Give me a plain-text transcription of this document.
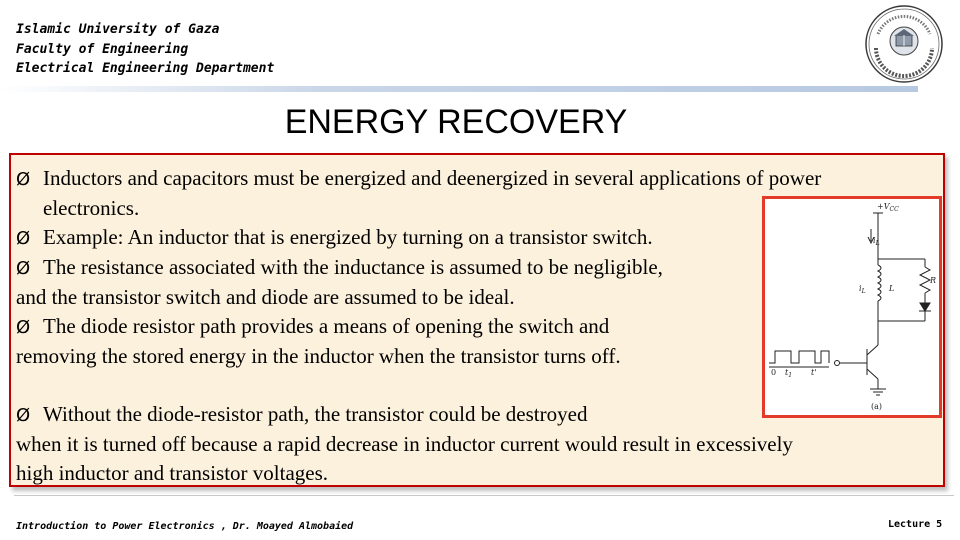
Islamic University of Gaza
Faculty of Engineering
Electrical Engineering Department
ENERGY RECOVERY
Ø Inductors and capacitors must be energized and deenergized in several applications of power
electronics.
Ø Example: An inductor that is energized by turning on a transistor switch.
Ø The resistance associated with the inductance is assumed to be negligible,
and the transistor switch and diode are assumed to be ideal.
Ø The diode resistor path provides a means of opening the switch and
removing the stored energy in the inductor when the transistor turns off.
Ø Without the diode-resistor path, the transistor could be destroyed
when it is turned off because a rapid decrease in inductor current would result in excessively
high inductor and transistor voltages.
$+V_{CC}$
$i_L$
$i_L$	L
R
0 $t_1$ t'
(a)
Introduction to Power Electronics , Dr. Moayed Almobaied	Lecture 5
